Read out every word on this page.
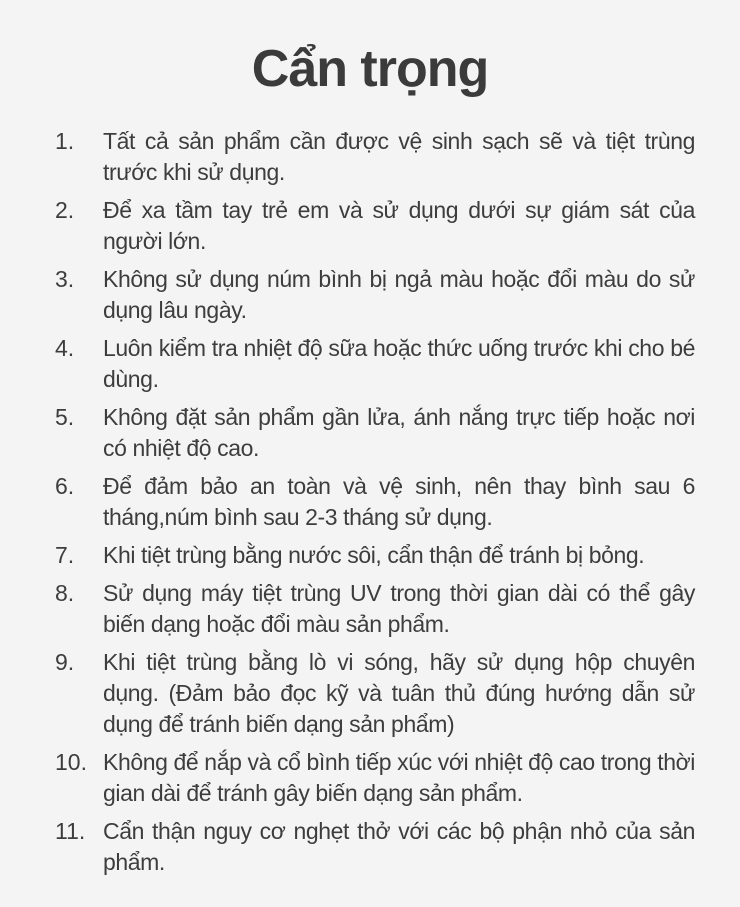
Cẩn trọng
1.	Tất cả sản phẩm cần được vệ sinh sạch sẽ và tiệt trùng trước khi sử dụng.
2.	Để xa tầm tay trẻ em và sử dụng dưới sự giám sát của người lớn.
3.	Không sử dụng núm bình bị ngả màu hoặc đổi màu do sử dụng lâu ngày.
4.	Luôn kiểm tra nhiệt độ sữa hoặc thức uống trước khi cho bé dùng.
5.	Không đặt sản phẩm gần lửa, ánh nắng trực tiếp hoặc nơi có nhiệt độ cao.
6.	Để đảm bảo an toàn và vệ sinh, nên thay bình sau 6 tháng,núm bình sau 2-3 tháng sử dụng.
7.	Khi tiệt trùng bằng nước sôi, cẩn thận để tránh bị bỏng.
8.	Sử dụng máy tiệt trùng UV trong thời gian dài có thể gây biến dạng hoặc đổi màu sản phẩm.
9.	Khi tiệt trùng bằng lò vi sóng, hãy sử dụng hộp chuyên dụng. (Đảm bảo đọc kỹ và tuân thủ đúng hướng dẫn sử dụng để tránh biến dạng sản phẩm)
10. Không để nắp và cổ bình tiếp xúc với nhiệt độ cao trong thời gian dài để tránh gây biến dạng sản phẩm.
11. Cẩn thận nguy cơ nghẹt thở với các bộ phận nhỏ của sản phẩm.
